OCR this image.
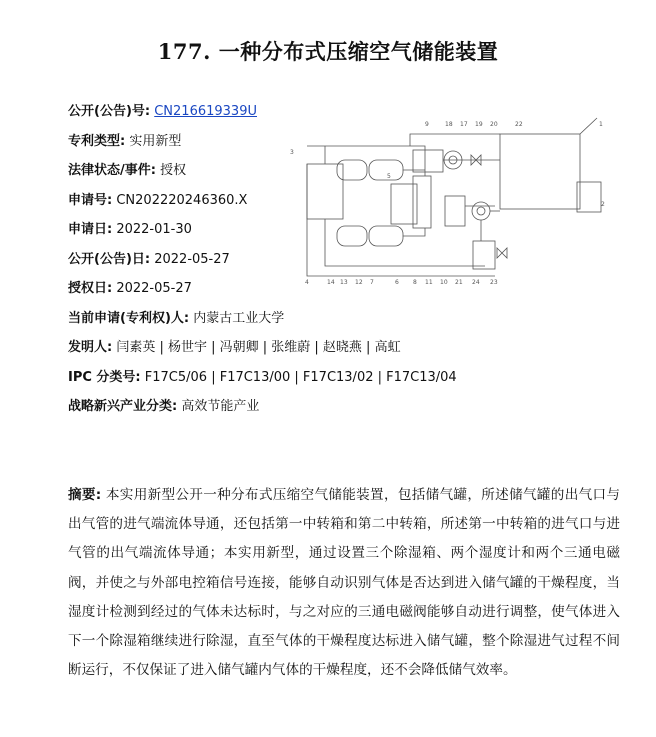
177. 一种分布式压缩空气储能装置
公开(公告)号: CN216619339U
专利类型: 实用新型
法律状态/事件: 授权
申请号: CN202220246360.X
申请日: 2022-01-30
公开(公告)日: 2022-05-27
授权日: 2022-05-27
当前申请(专利权)人: 内蒙古工业大学
发明人: 闫素英 | 杨世宇 | 冯朝卿 | 张维蔚 | 赵晓燕 | 高虹
IPC 分类号: F17C5/06 | F17C13/00 | F17C13/02 | F17C13/04
战略新兴产业分类: 高效节能产业
3
9	18 17 19 20	22	1
2
5
4	14 13 12 7	6 8 11 10 21 24 23
摘要: 本实用新型公开一种分布式压缩空气储能装置，包括储气罐，所述储气罐的出气口与出气管的进气端流体导通，还包括第一中转箱和第二中转箱，所述第一中转箱的进气口与进气管的出气端流体导通；本实用新型，通过设置三个除湿箱、两个湿度计和两个三通电磁阀，并使之与外部电控箱信号连接，能够自动识别气体是否达到进入储气罐的干燥程度，当湿度计检测到经过的气体未达标时，与之对应的三通电磁阀能够自动进行调整，使气体进入下一个除湿箱继续进行除湿，直至气体的干燥程度达标进入储气罐，整个除湿进气过程不间断运行，不仅保证了进入储气罐内气体的干燥程度，还不会降低储气效率。
